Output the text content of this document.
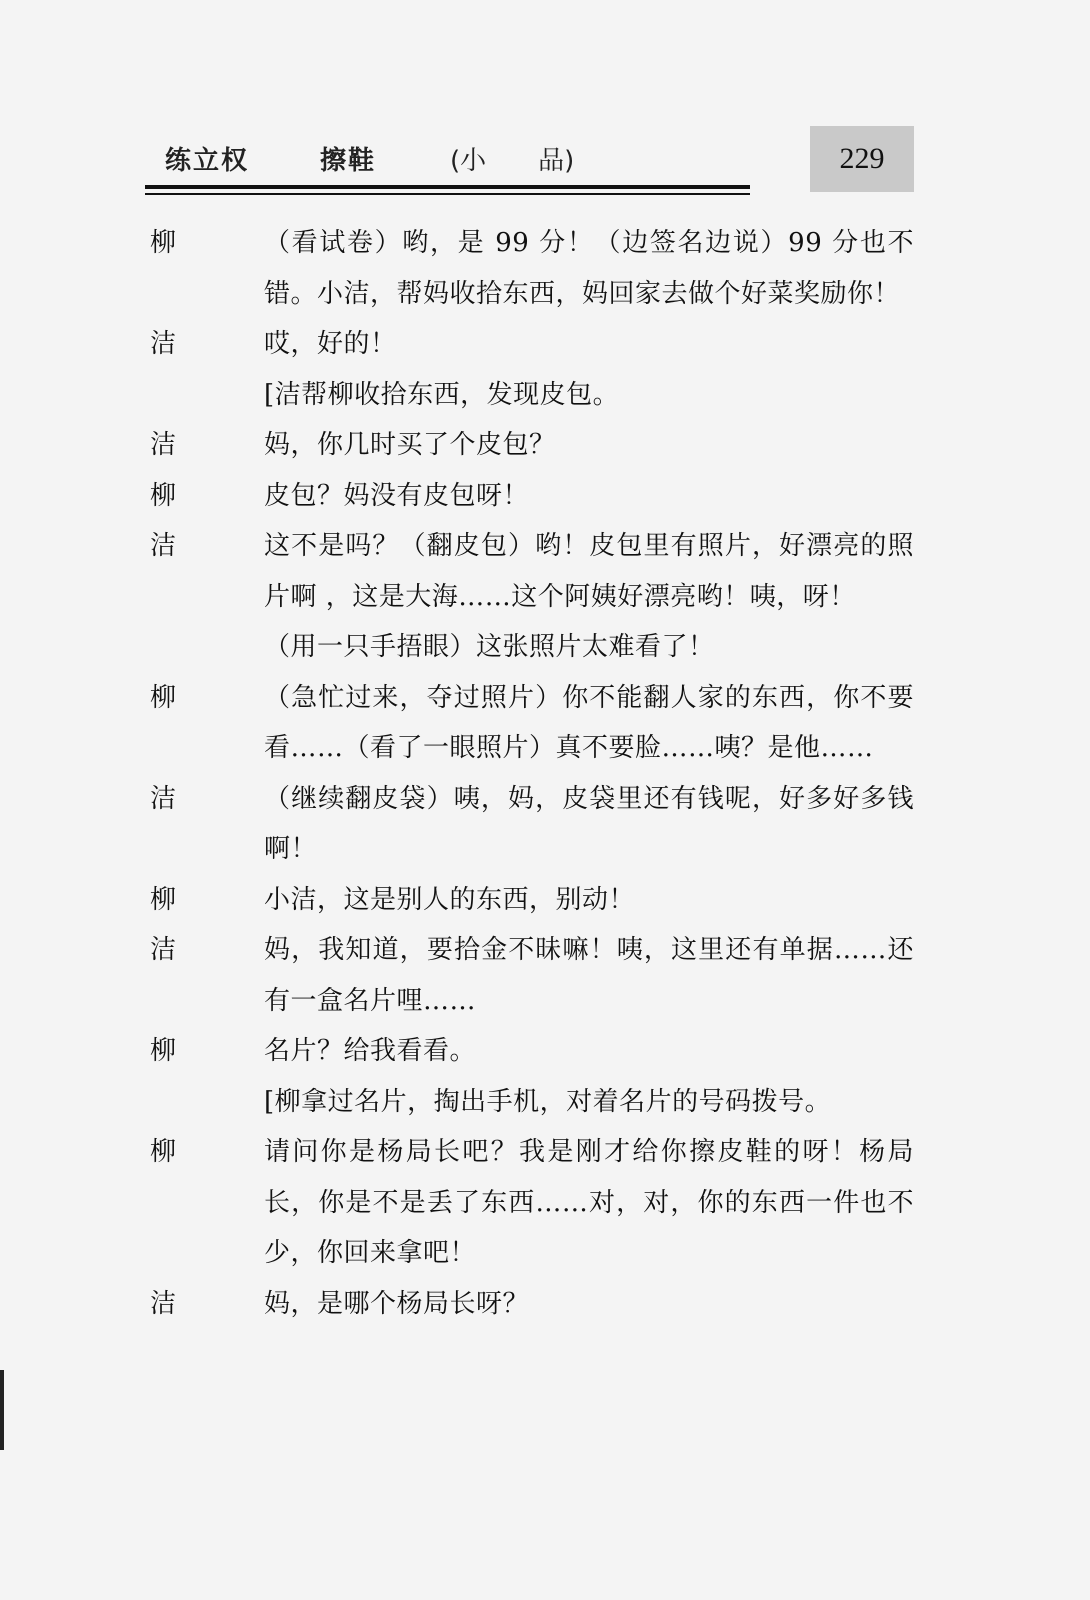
练立权	擦鞋	(小　　品)	229
柳	（看试卷）哟，是 99 分！（边签名边说）99 分也不错。小洁，帮妈收拾东西，妈回家去做个好菜奖励你！
洁	哎，好的！
[洁帮柳收拾东西，发现皮包。
洁	妈，你几时买了个皮包？
柳	皮包？妈没有皮包呀！
洁	这不是吗？（翻皮包）哟！皮包里有照片，好漂亮的照片啊 ，这是大海……这个阿姨好漂亮哟！咦，呀！
（用一只手捂眼）这张照片太难看了！
柳	（急忙过来，夺过照片）你不能翻人家的东西，你不要看……（看了一眼照片）真不要脸……咦？是他……
洁	（继续翻皮袋）咦，妈，皮袋里还有钱呢，好多好多钱啊！
柳	小洁，这是别人的东西，别动！
洁	妈，我知道，要拾金不昧嘛！咦，这里还有单据……还有一盒名片哩……
柳	名片？给我看看。
[柳拿过名片，掏出手机，对着名片的号码拨号。
柳	请问你是杨局长吧？我是刚才给你擦皮鞋的呀！杨局长，你是不是丢了东西……对，对，你的东西一件也不少，你回来拿吧！
洁	妈，是哪个杨局长呀？
